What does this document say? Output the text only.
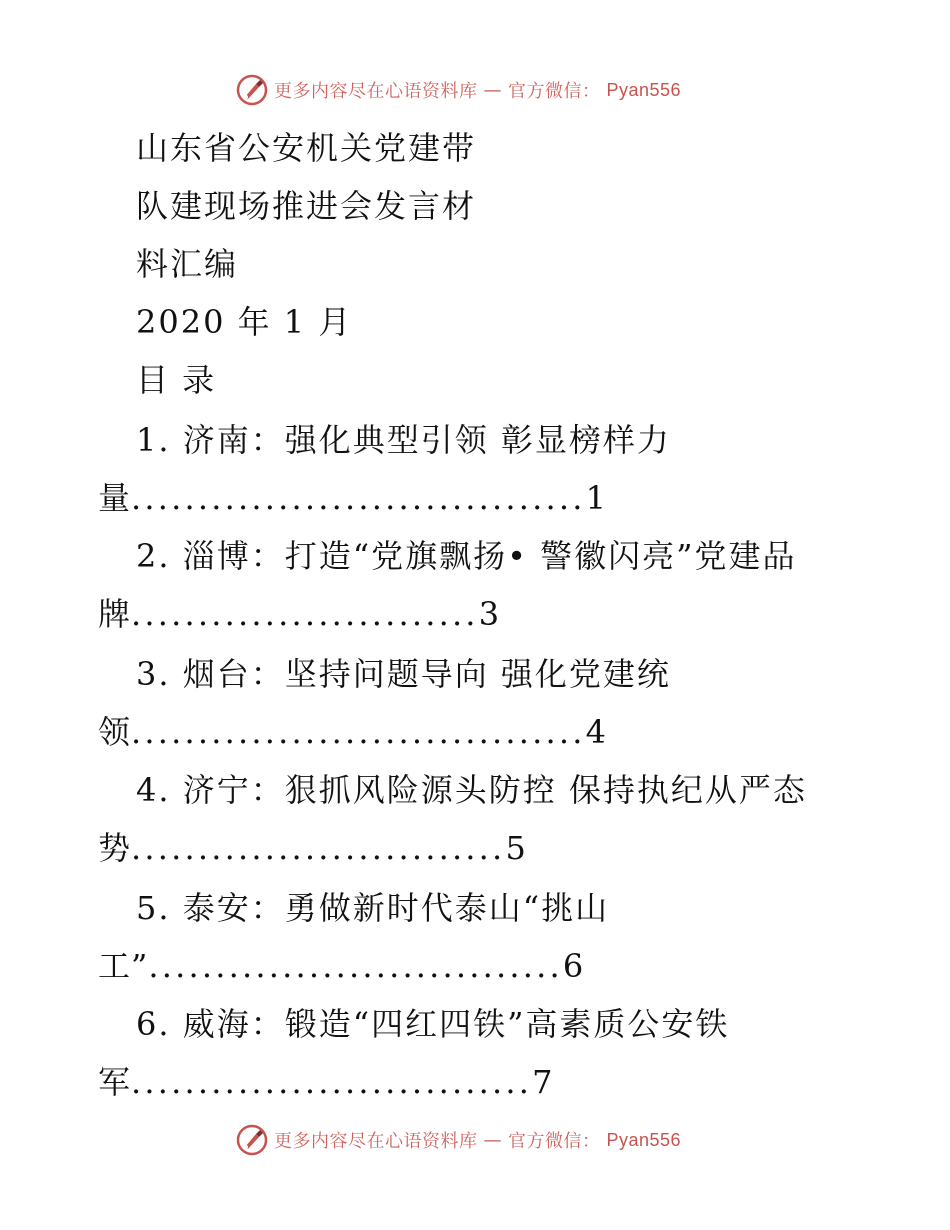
更多内容尽在心语资料库 — 官方微信： Pyan556
山东省公安机关党建带
队建现场推进会发言材
料汇编
2020 年 1 月
目 录
1. 济南：强化典型引领 彰显榜样力
量..................................1
2. 淄博：打造“党旗飘扬• 警徽闪亮”党建品
牌..........................3
3. 烟台：坚持问题导向 强化党建统
领..................................4
4. 济宁：狠抓风险源头防控 保持执纪从严态
势............................5
5. 泰安：勇做新时代泰山“挑山
工”...............................6
6. 威海：锻造“四红四铁”高素质公安铁
军..............................7
更多内容尽在心语资料库 — 官方微信： Pyan556
